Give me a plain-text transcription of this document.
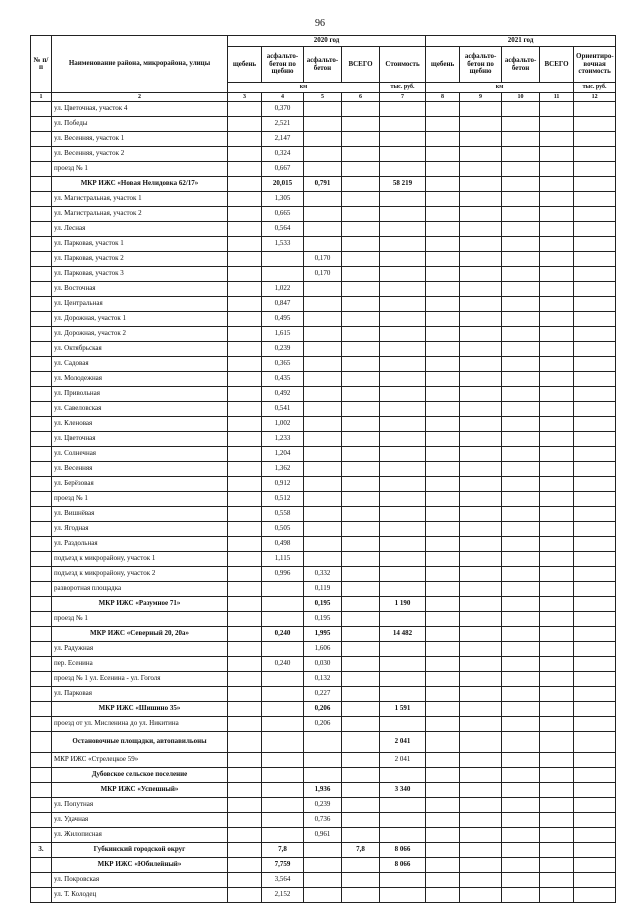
96
№ п/п	Наименование района, микрорайона, улицы	2020 год					2021 год				
		щебень	асфальто-бетон по щебню	асфальто-бетон	ВСЕГО	Стоимость	щебень	асфальто-бетон по щебню	асфальто-бетон	ВСЕГО	Ориентиро-вочная стоимость
		км				тыс. руб.	км				тыс. руб.
1	2	3	4	5	6	7	8	9	10	11	12
	ул. Цветочная, участок 4		0,370								
	ул. Победы		2,521								
	ул. Весенняя, участок 1		2,147								
	ул. Весенняя, участок 2		0,324								
	проезд № 1		0,667								
	МКР ИЖС «Новая Нелидовка 62/17»		20,015	0,791		58 219					
	ул. Магистральная, участок 1		1,305								
	ул. Магистральная, участок 2		0,665								
	ул. Лесная		0,564								
	ул. Парковая, участок 1		1,533								
	ул. Парковая, участок 2			0,170							
	ул. Парковая, участок 3			0,170							
	ул. Восточная		1,022								
	ул. Центральная		0,847								
	ул. Дорожная, участок 1		0,495								
	ул. Дорожная, участок 2		1,615								
	ул. Октябрьская		0,239								
	ул. Садовая		0,365								
	ул. Молодежная		0,435								
	ул. Привольная		0,492								
	ул. Савеловская		0,541								
	ул. Кленовая		1,002								
	ул. Цветочная		1,233								
	ул. Солнечная		1,204								
	ул. Весенняя		1,362								
	ул. Берёзовая		0,912								
	проезд № 1		0,512								
	ул. Вишнёвая		0,558								
	ул. Ягодная		0,505								
	ул. Раздольная		0,498								
	подъезд к микрорайону, участок 1		1,115								
	подъезд к микрорайону, участок 2		0,996	0,332							
	разворотная площадка			0,119							
	МКР ИЖС «Разумное 71»			0,195		1 190					
	проезд № 1			0,195							
	МКР ИЖС «Северный 20, 20а»		0,240	1,995		14 482					
	ул. Радужная			1,606							
	пер. Есенина		0,240	0,030							
	проезд № 1 ул. Есенина - ул. Гоголя			0,132							
	ул. Парковая			0,227							
	МКР ИЖС «Шишино 35»			0,206		1 591					
	проезд от ул. Мисленина до ул. Никитина			0,206							
	Остановочные площадки, автопавильоны					2 041					
	МКР ИЖС «Стрелецкое 59»					2 041					
	Дубовское сельское поселение										
	МКР ИЖС «Успешный»			1,936		3 340					
	ул. Попутная			0,239							
	ул. Удачная			0,736							
	ул. Жилописная			0,961							
3.	Губкинский городской округ		7,8		7,8	8 066					
	МКР ИЖС «Юбилейный»		7,759			8 066					
	ул. Покровская		3,564								
	ул. Т. Колодец		2,152								
